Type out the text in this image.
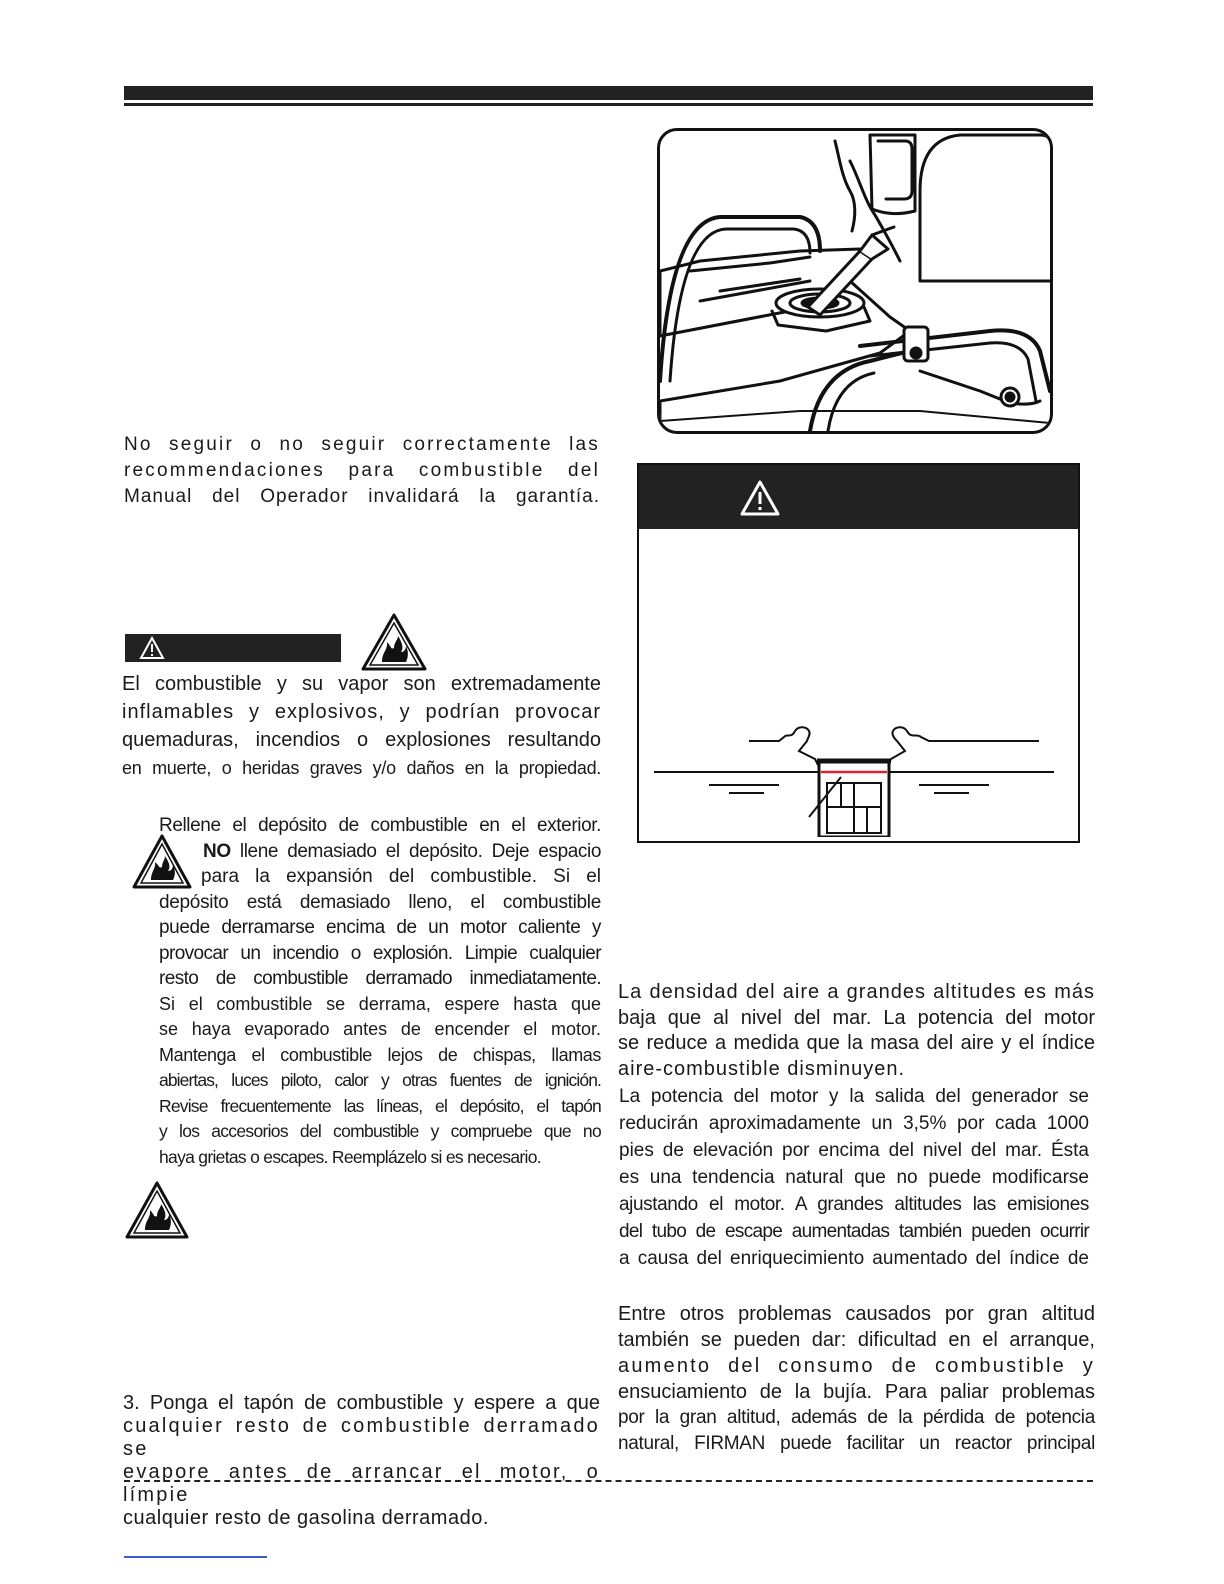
No seguir o no seguir correctamente las
recommendaciones para combustible del
Manual del Operador invalidará la garantía.
El combustible y su vapor son extremadamente
inflamables y explosivos, y podrían provocar
quemaduras, incendios o explosiones resultando
en muerte, o heridas graves y/o daños en la propiedad.
Rellene el depósito de combustible en el exterior.
NO llene demasiado el depósito. Deje espacio
para la expansión del combustible. Si el
depósito está demasiado lleno, el combustible
puede derramarse encima de un motor caliente y
provocar un incendio o explosión. Limpie cualquier
resto de combustible derramado inmediatamente.
Si el combustible se derrama, espere hasta que
se haya evaporado antes de encender el motor.
Mantenga el combustible lejos de chispas, llamas
abiertas, luces piloto, calor y otras fuentes de ignición.
Revise frecuentemente las líneas, el depósito, el tapón
y los accesorios del combustible y compruebe que no
haya grietas o escapes. Reemplázelo si es necesario.
3. Ponga el tapón de combustible y espere a que
cualquier resto de combustible derramado se
evapore antes de arrancar el motor, o límpie
cualquier resto de gasolina derramado.
La densidad del aire a grandes altitudes es más
baja que al nivel del mar. La potencia del motor
se reduce a medida que la masa del aire y el índice
aire-combustible disminuyen.
La potencia del motor y la salida del generador se
reducirán aproximadamente un 3,5% por cada 1000
pies de elevación por encima del nivel del mar. Ésta
es una tendencia natural que no puede modificarse
ajustando el motor. A grandes altitudes las emisiones
del tubo de escape aumentadas también pueden ocurrir
a causa del enriquecimiento aumentado del índice de
Entre otros problemas causados por gran altitud
también se pueden dar: dificultad en el arranque,
aumento del consumo de combustible y
ensuciamiento de la bujía. Para paliar problemas
por la gran altitud, además de la pérdida de potencia
natural, FIRMAN puede facilitar un reactor principal
